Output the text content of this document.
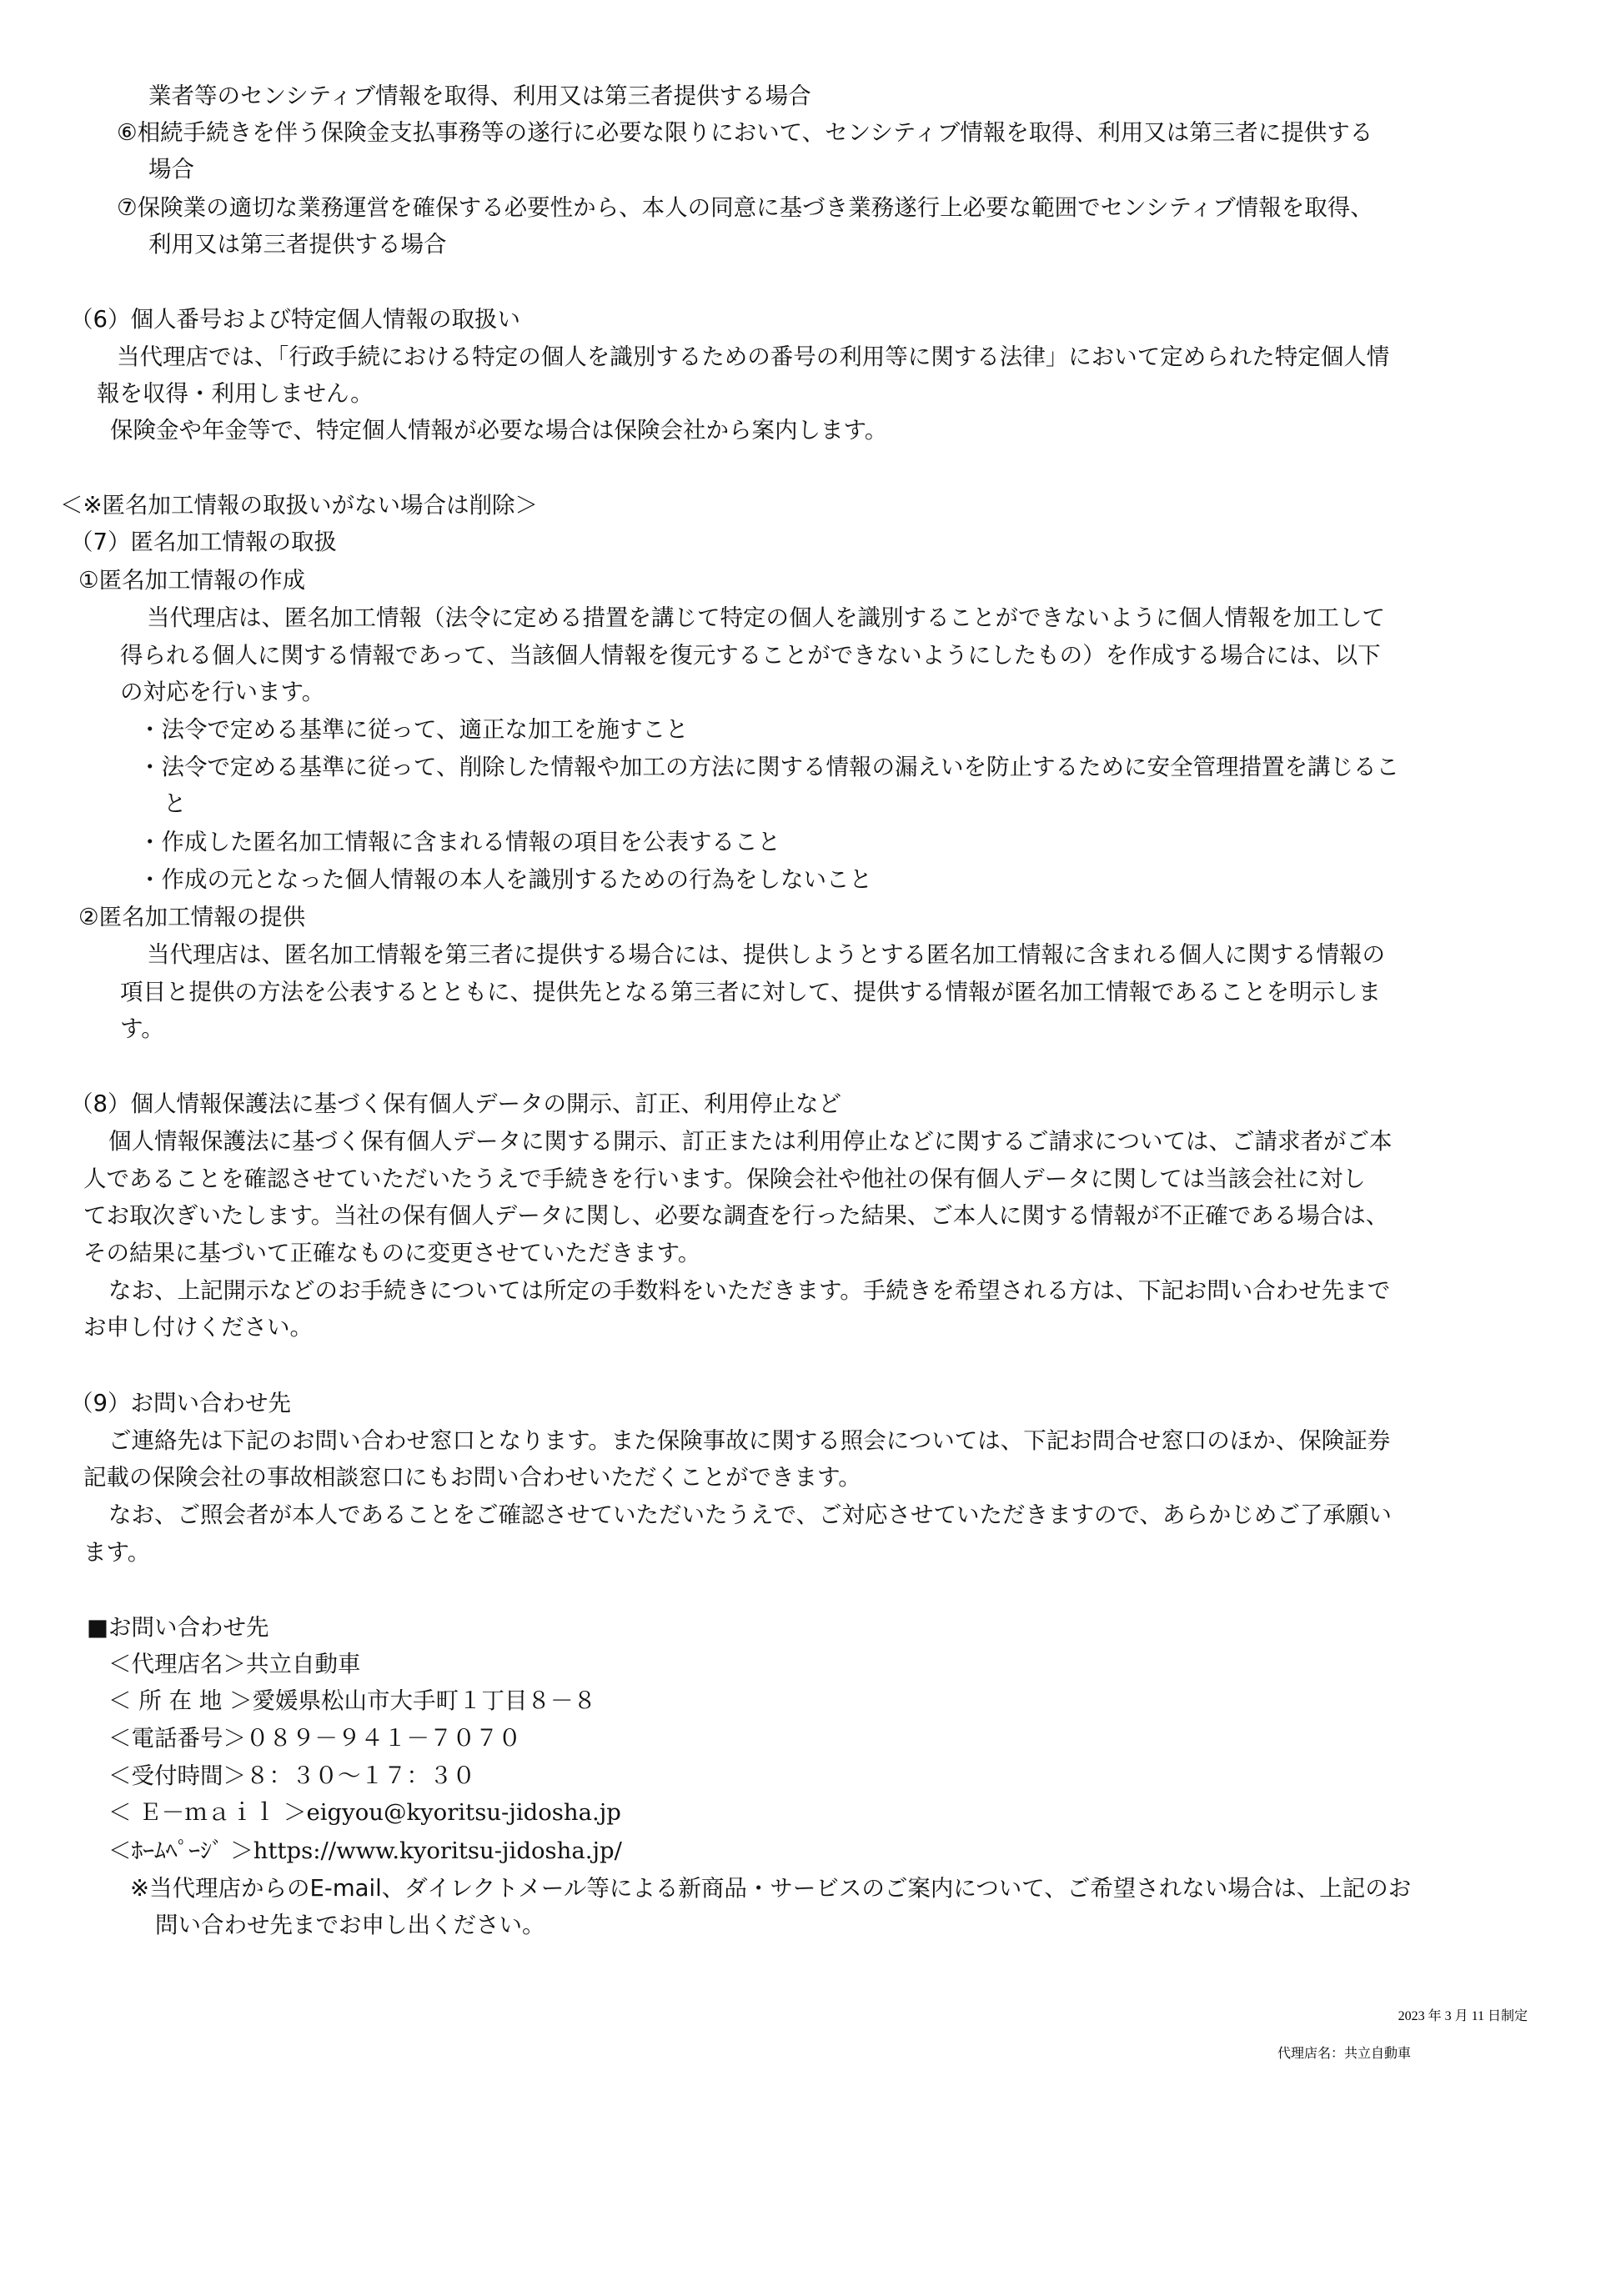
業者等のセンシティブ情報を取得、利用又は第三者提供する場合
⑥相続手続きを伴う保険金支払事務等の遂行に必要な限りにおいて、センシティブ情報を取得、利用又は第三者に提供する
場合
⑦保険業の適切な業務運営を確保する必要性から、本人の同意に基づき業務遂行上必要な範囲でセンシティブ情報を取得、
利用又は第三者提供する場合
（6）個人番号および特定個人情報の取扱い
当代理店では、「行政手続における特定の個人を識別するための番号の利用等に関する法律」において定められた特定個人情
報を収得・利用しません。
保険金や年金等で、特定個人情報が必要な場合は保険会社から案内します。
＜※匿名加工情報の取扱いがない場合は削除＞
（7）匿名加工情報の取扱
①匿名加工情報の作成
当代理店は、匿名加工情報（法令に定める措置を講じて特定の個人を識別することができないように個人情報を加工して
得られる個人に関する情報であって、当該個人情報を復元することができないようにしたもの）を作成する場合には、以下
の対応を行います。
・法令で定める基準に従って、適正な加工を施すこと
・法令で定める基準に従って、削除した情報や加工の方法に関する情報の漏えいを防止するために安全管理措置を講じるこ
と
・作成した匿名加工情報に含まれる情報の項目を公表すること
・作成の元となった個人情報の本人を識別するための行為をしないこと
②匿名加工情報の提供
当代理店は、匿名加工情報を第三者に提供する場合には、提供しようとする匿名加工情報に含まれる個人に関する情報の
項目と提供の方法を公表するとともに、提供先となる第三者に対して、提供する情報が匿名加工情報であることを明示しま
す。
（8）個人情報保護法に基づく保有個人データの開示、訂正、利用停止など
個人情報保護法に基づく保有個人データに関する開示、訂正または利用停止などに関するご請求については、ご請求者がご本
人であることを確認させていただいたうえで手続きを行います。保険会社や他社の保有個人データに関しては当該会社に対し
てお取次ぎいたします。当社の保有個人データに関し、必要な調査を行った結果、ご本人に関する情報が不正確である場合は、
その結果に基づいて正確なものに変更させていただきます。
なお、上記開示などのお手続きについては所定の手数料をいただきます。手続きを希望される方は、下記お問い合わせ先まで
お申し付けください。
（9）お問い合わせ先
ご連絡先は下記のお問い合わせ窓口となります。また保険事故に関する照会については、下記お問合せ窓口のほか、保険証券
記載の保険会社の事故相談窓口にもお問い合わせいただくことができます。
なお、ご照会者が本人であることをご確認させていただいたうえで、ご対応させていただきますので、あらかじめご了承願い
ます。
■お問い合わせ先
＜代理店名＞共立自動車
＜ 所 在 地 ＞愛媛県松山市大手町１丁目８－８
＜電話番号＞０８９－９４１－７０７０
＜受付時間＞８：３０～１７：３０
＜ Ｅ－ｍａｉｌ ＞eigyou@kyoritsu-jidosha.jp
＜ﾎｰﾑﾍﾟｰｼﾞ ＞https://www.kyoritsu-jidosha.jp/
※当代理店からのE-mail、ダイレクトメール等による新商品・サービスのご案内について、ご希望されない場合は、上記のお
問い合わせ先までお申し出ください。
2023 年 3 月 11 日制定
代理店名：共立自動車
